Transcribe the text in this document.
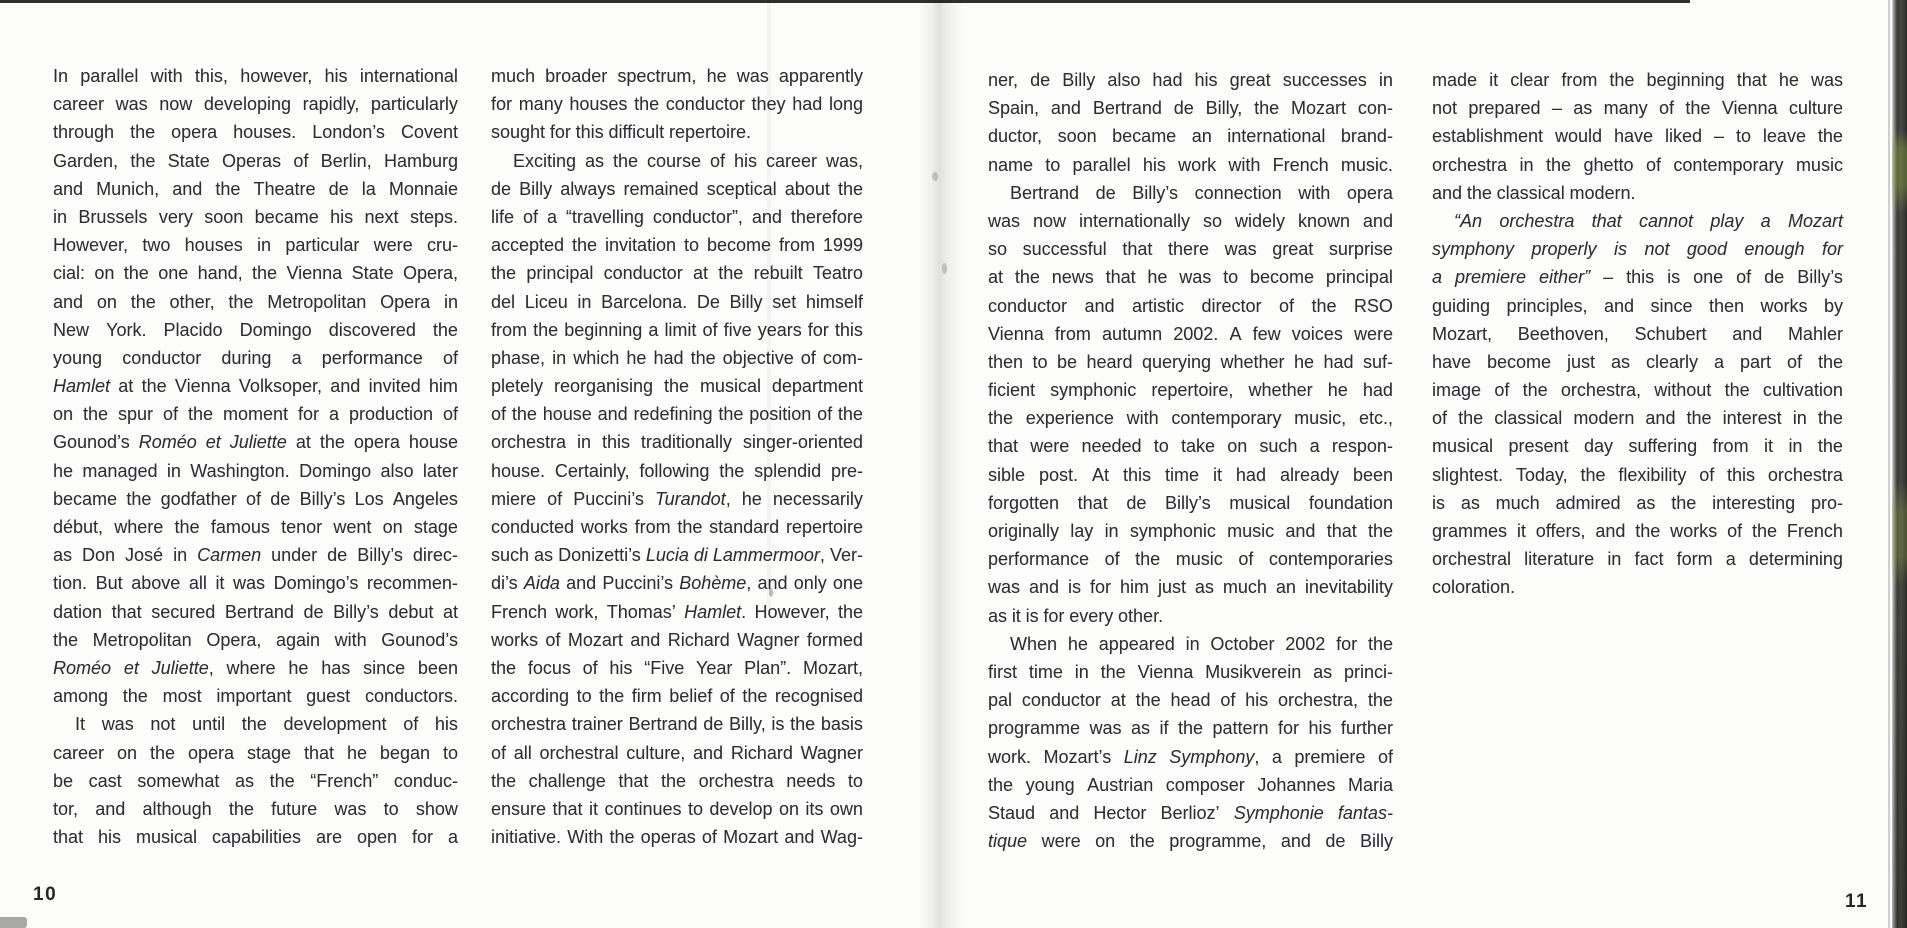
In parallel with this, however, his international
career was now developing rapidly, particularly
through the opera houses. London’s Covent
Garden, the State Operas of Berlin, Hamburg
and Munich, and the Theatre de la Monnaie
in Brussels very soon became his next steps.
However, two houses in particular were cru-
cial: on the one hand, the Vienna State Opera,
and on the other, the Metropolitan Opera in
New York. Placido Domingo discovered the
young conductor during a performance of
Hamlet at the Vienna Volksoper, and invited him
on the spur of the moment for a production of
Gounod’s Roméo et Juliette at the opera house
he managed in Washington. Domingo also later
became the godfather of de Billy’s Los Angeles
début, where the famous tenor went on stage
as Don José in Carmen under de Billy’s direc-
tion. But above all it was Domingo’s recommen-
dation that secured Bertrand de Billy’s debut at
the Metropolitan Opera, again with Gounod’s
Roméo et Juliette, where he has since been
among the most important guest conductors.
It was not until the development of his
career on the opera stage that he began to
be cast somewhat as the “French” conduc-
tor, and although the future was to show
that his musical capabilities are open for a
much broader spectrum, he was apparently
for many houses the conductor they had long
sought for this difficult repertoire.
Exciting as the course of his career was,
de Billy always remained sceptical about the
life of a “travelling conductor”, and therefore
accepted the invitation to become from 1999
the principal conductor at the rebuilt Teatro
del Liceu in Barcelona. De Billy set himself
from the beginning a limit of five years for this
phase, in which he had the objective of com-
pletely reorganising the musical department
of the house and redefining the position of the
orchestra in this traditionally singer-oriented
house. Certainly, following the splendid pre-
miere of Puccini’s Turandot, he necessarily
conducted works from the standard repertoire
such as Donizetti’s Lucia di Lammermoor, Ver-
di’s Aida and Puccini’s Bohème, and only one
French work, Thomas’ Hamlet. However, the
works of Mozart and Richard Wagner formed
the focus of his “Five Year Plan”. Mozart,
according to the firm belief of the recognised
orchestra trainer Bertrand de Billy, is the basis
of all orchestral culture, and Richard Wagner
the challenge that the orchestra needs to
ensure that it continues to develop on its own
initiative. With the operas of Mozart and Wag-
10
ner, de Billy also had his great successes in
Spain, and Bertrand de Billy, the Mozart con-
ductor, soon became an international brand-
name to parallel his work with French music.
Bertrand de Billy’s connection with opera
was now internationally so widely known and
so successful that there was great surprise
at the news that he was to become principal
conductor and artistic director of the RSO
Vienna from autumn 2002. A few voices were
then to be heard querying whether he had suf-
ficient symphonic repertoire, whether he had
the experience with contemporary music, etc.,
that were needed to take on such a respon-
sible post. At this time it had already been
forgotten that de Billy’s musical foundation
originally lay in symphonic music and that the
performance of the music of contemporaries
was and is for him just as much an inevitability
as it is for every other.
When he appeared in October 2002 for the
first time in the Vienna Musikverein as princi-
pal conductor at the head of his orchestra, the
programme was as if the pattern for his further
work. Mozart’s Linz Symphony, a premiere of
the young Austrian composer Johannes Maria
Staud and Hector Berlioz’ Symphonie fantas-
tique were on the programme, and de Billy
made it clear from the beginning that he was
not prepared – as many of the Vienna culture
establishment would have liked – to leave the
orchestra in the ghetto of contemporary music
and the classical modern.
“An orchestra that cannot play a Mozart
symphony properly is not good enough for
a premiere either” – this is one of de Billy’s
guiding principles, and since then works by
Mozart, Beethoven, Schubert and Mahler
have become just as clearly a part of the
image of the orchestra, without the cultivation
of the classical modern and the interest in the
musical present day suffering from it in the
slightest. Today, the flexibility of this orchestra
is as much admired as the interesting pro-
grammes it offers, and the works of the French
orchestral literature in fact form a determining
coloration.
11
